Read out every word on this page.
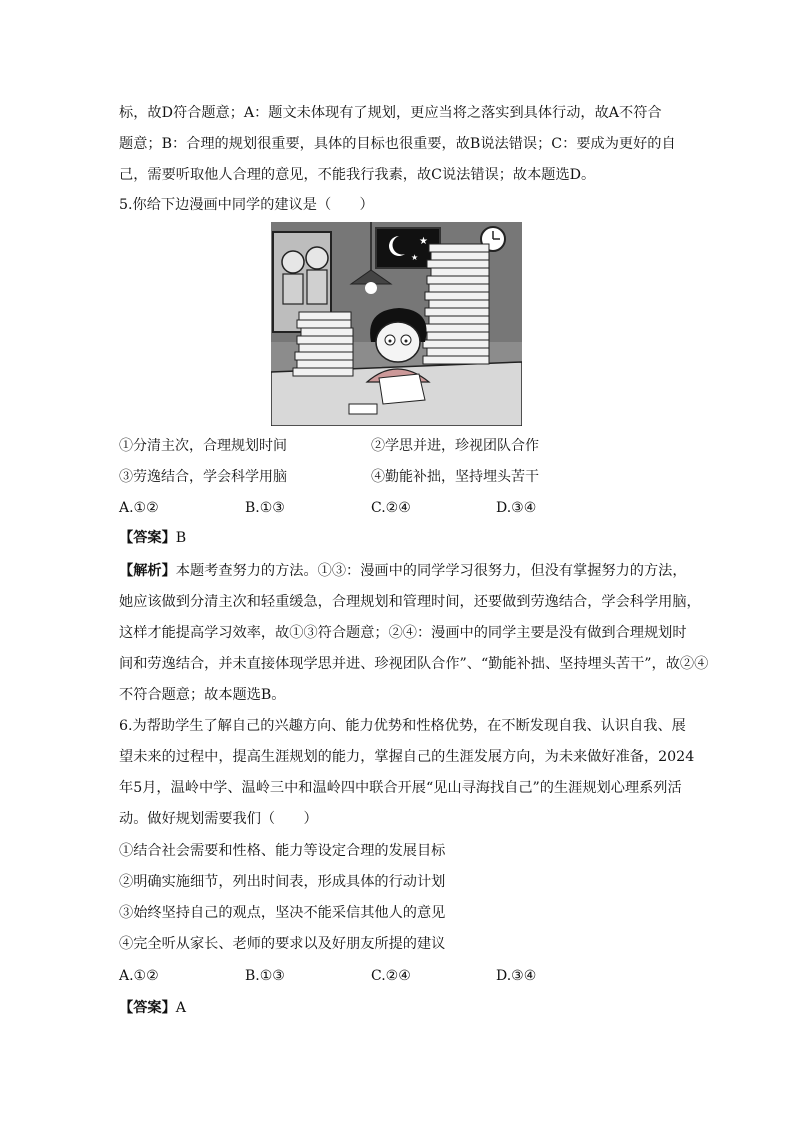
标，故D符合题意；A：题文未体现有了规划，更应当将之落实到具体行动，故A不符合
题意；B：合理的规划很重要，具体的目标也很重要，故B说法错误；C：要成为更好的自
己，需要听取他人合理的意见，不能我行我素，故C说法错误；故本题选D。
5.你给下边漫画中同学的建议是（　　）
★
★
①分清主次，合理规划时间	②学思并进，珍视团队合作
③劳逸结合，学会科学用脑	④勤能补拙，坚持埋头苦干
A.①②	B.①③	C.②④	D.③④
【答案】B
【解析】本题考查努力的方法。①③：漫画中的同学学习很努力，但没有掌握努力的方法，
她应该做到分清主次和轻重缓急，合理规划和管理时间，还要做到劳逸结合，学会科学用脑，
这样才能提高学习效率，故①③符合题意；②④：漫画中的同学主要是没有做到合理规划时
间和劳逸结合，并未直接体现学思并进、珍视团队合作”、“勤能补拙、坚持埋头苦干”，故②④
不符合题意；故本题选B。
6.为帮助学生了解自己的兴趣方向、能力优势和性格优势，在不断发现自我、认识自我、展
望未来的过程中，提高生涯规划的能力，掌握自己的生涯发展方向，为未来做好准备，2024
年5月，温岭中学、温岭三中和温岭四中联合开展“见山寻海找自己”的生涯规划心理系列活
动。做好规划需要我们（　　）
①结合社会需要和性格、能力等设定合理的发展目标
②明确实施细节，列出时间表，形成具体的行动计划
③始终坚持自己的观点，坚决不能采信其他人的意见
④完全听从家长、老师的要求以及好朋友所提的建议
A.①②	B.①③	C.②④	D.③④
【答案】A
